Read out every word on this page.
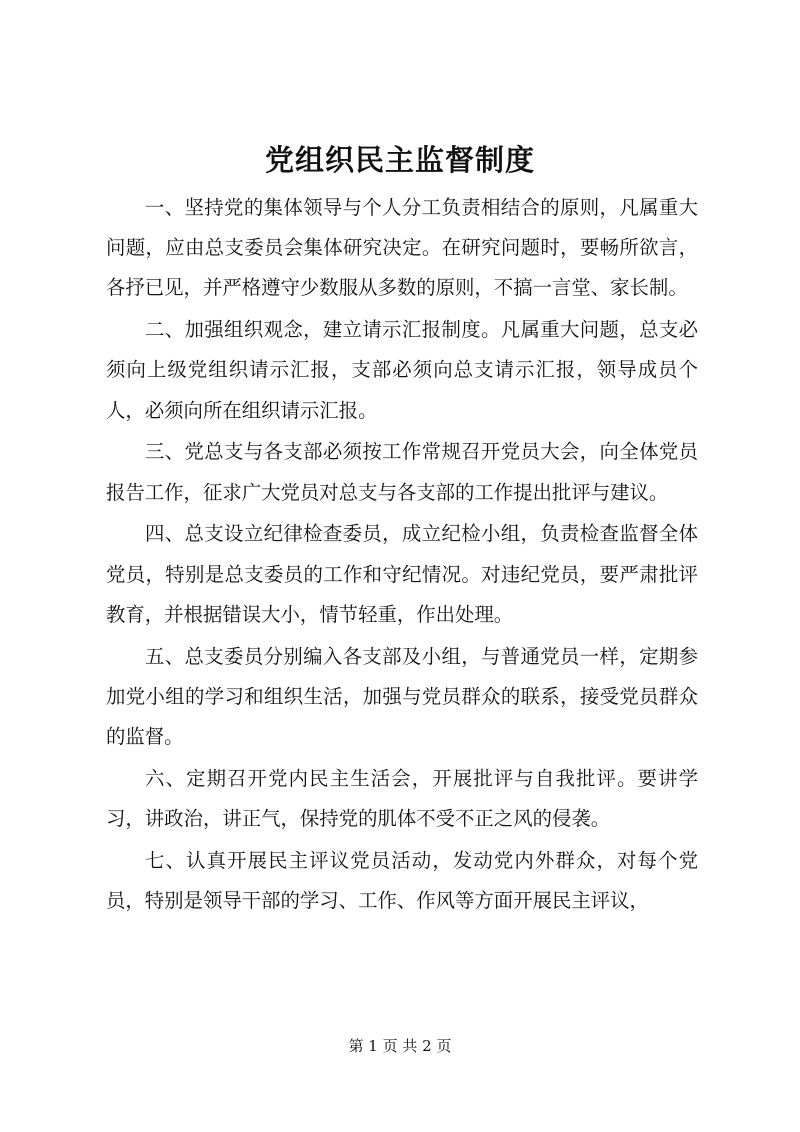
党组织民主监督制度

一、坚持党的集体领导与个人分工负责相结合的原则，凡属重大问题，应由总支委员会集体研究决定。在研究问题时，要畅所欲言，各抒已见，并严格遵守少数服从多数的原则，不搞一言堂、家长制。

二、加强组织观念，建立请示汇报制度。凡属重大问题，总支必须向上级党组织请示汇报，支部必须向总支请示汇报，领导成员个人，必须向所在组织请示汇报。

三、党总支与各支部必须按工作常规召开党员大会，向全体党员报告工作，征求广大党员对总支与各支部的工作提出批评与建议。

四、总支设立纪律检查委员，成立纪检小组，负责检查监督全体党员，特别是总支委员的工作和守纪情况。对违纪党员，要严肃批评教育，并根据错误大小，情节轻重，作出处理。

五、总支委员分别编入各支部及小组，与普通党员一样，定期参加党小组的学习和组织生活，加强与党员群众的联系，接受党员群众的监督。

六、定期召开党内民主生活会，开展批评与自我批评。要讲学习，讲政治，讲正气，保持党的肌体不受不正之风的侵袭。

七、认真开展民主评议党员活动，发动党内外群众，对每个党员，特别是领导干部的学习、工作、作风等方面开展民主评议，

第 1 页 共 2 页
